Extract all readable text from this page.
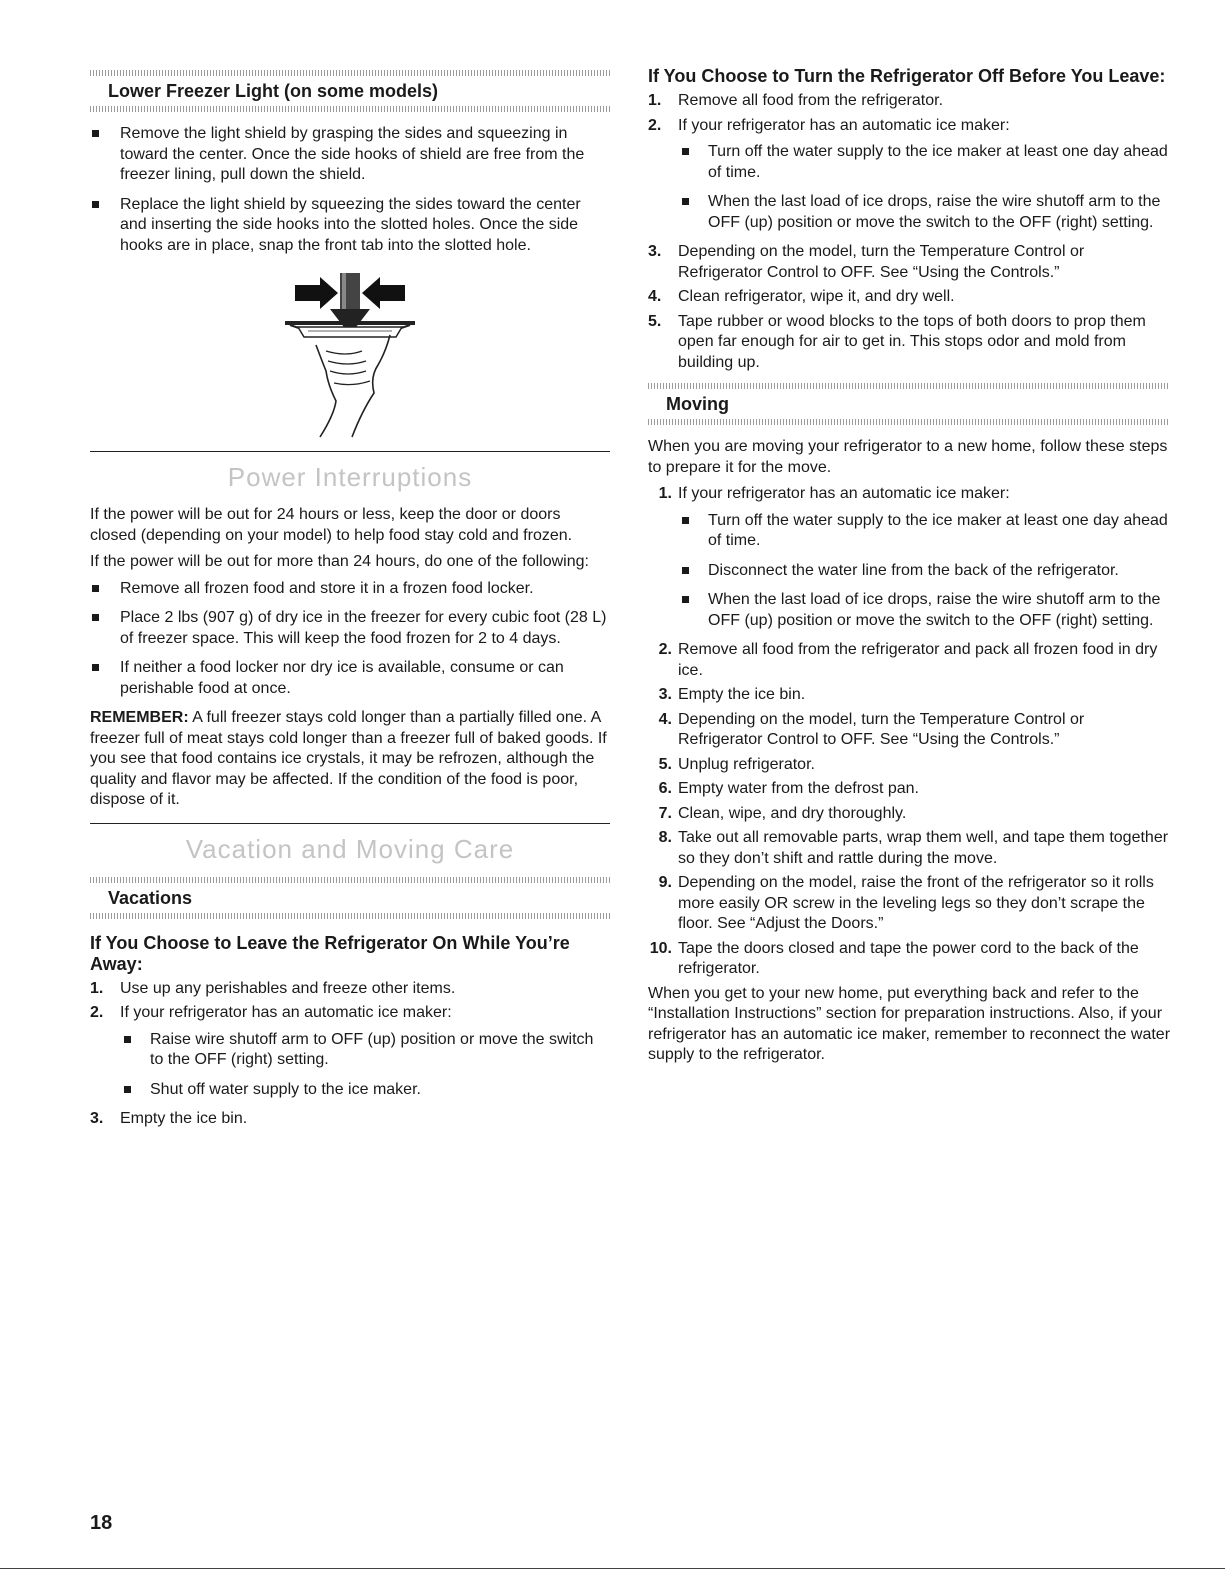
Lower Freezer Light (on some models)
Remove the light shield by grasping the sides and squeezing in toward the center. Once the side hooks of shield are free from the freezer lining, pull down the shield.
Replace the light shield by squeezing the sides toward the center and inserting the side hooks into the slotted holes. Once the side hooks are in place, snap the front tab into the slotted hole.
Power Interruptions
If the power will be out for 24 hours or less, keep the door or doors closed (depending on your model) to help food stay cold and frozen.
If the power will be out for more than 24 hours, do one of the following:
Remove all frozen food and store it in a frozen food locker.
Place 2 lbs (907 g) of dry ice in the freezer for every cubic foot (28 L) of freezer space. This will keep the food frozen for 2 to 4 days.
If neither a food locker nor dry ice is available, consume or can perishable food at once.
REMEMBER: A full freezer stays cold longer than a partially filled one. A freezer full of meat stays cold longer than a freezer full of baked goods. If you see that food contains ice crystals, it may be refrozen, although the quality and flavor may be affected. If the condition of the food is poor, dispose of it.
Vacation and Moving Care
Vacations
If You Choose to Leave the Refrigerator On While You’re Away:
1. Use up any perishables and freeze other items.
2. If your refrigerator has an automatic ice maker:
Raise wire shutoff arm to OFF (up) position or move the switch to the OFF (right) setting.
Shut off water supply to the ice maker.
3. Empty the ice bin.
If You Choose to Turn the Refrigerator Off Before You Leave:
1. Remove all food from the refrigerator.
2. If your refrigerator has an automatic ice maker:
Turn off the water supply to the ice maker at least one day ahead of time.
When the last load of ice drops, raise the wire shutoff arm to the OFF (up) position or move the switch to the OFF (right) setting.
3. Depending on the model, turn the Temperature Control or Refrigerator Control to OFF. See “Using the Controls.”
4. Clean refrigerator, wipe it, and dry well.
5. Tape rubber or wood blocks to the tops of both doors to prop them open far enough for air to get in. This stops odor and mold from building up.
Moving
When you are moving your refrigerator to a new home, follow these steps to prepare it for the move.
1. If your refrigerator has an automatic ice maker:
Turn off the water supply to the ice maker at least one day ahead of time.
Disconnect the water line from the back of the refrigerator.
When the last load of ice drops, raise the wire shutoff arm to the OFF (up) position or move the switch to the OFF (right) setting.
2. Remove all food from the refrigerator and pack all frozen food in dry ice.
3. Empty the ice bin.
4. Depending on the model, turn the Temperature Control or Refrigerator Control to OFF. See “Using the Controls.”
5. Unplug refrigerator.
6. Empty water from the defrost pan.
7. Clean, wipe, and dry thoroughly.
8. Take out all removable parts, wrap them well, and tape them together so they don’t shift and rattle during the move.
9. Depending on the model, raise the front of the refrigerator so it rolls more easily OR screw in the leveling legs so they don’t scrape the floor. See “Adjust the Doors.”
10. Tape the doors closed and tape the power cord to the back of the refrigerator.
When you get to your new home, put everything back and refer to the “Installation Instructions” section for preparation instructions. Also, if your refrigerator has an automatic ice maker, remember to reconnect the water supply to the refrigerator.
18
